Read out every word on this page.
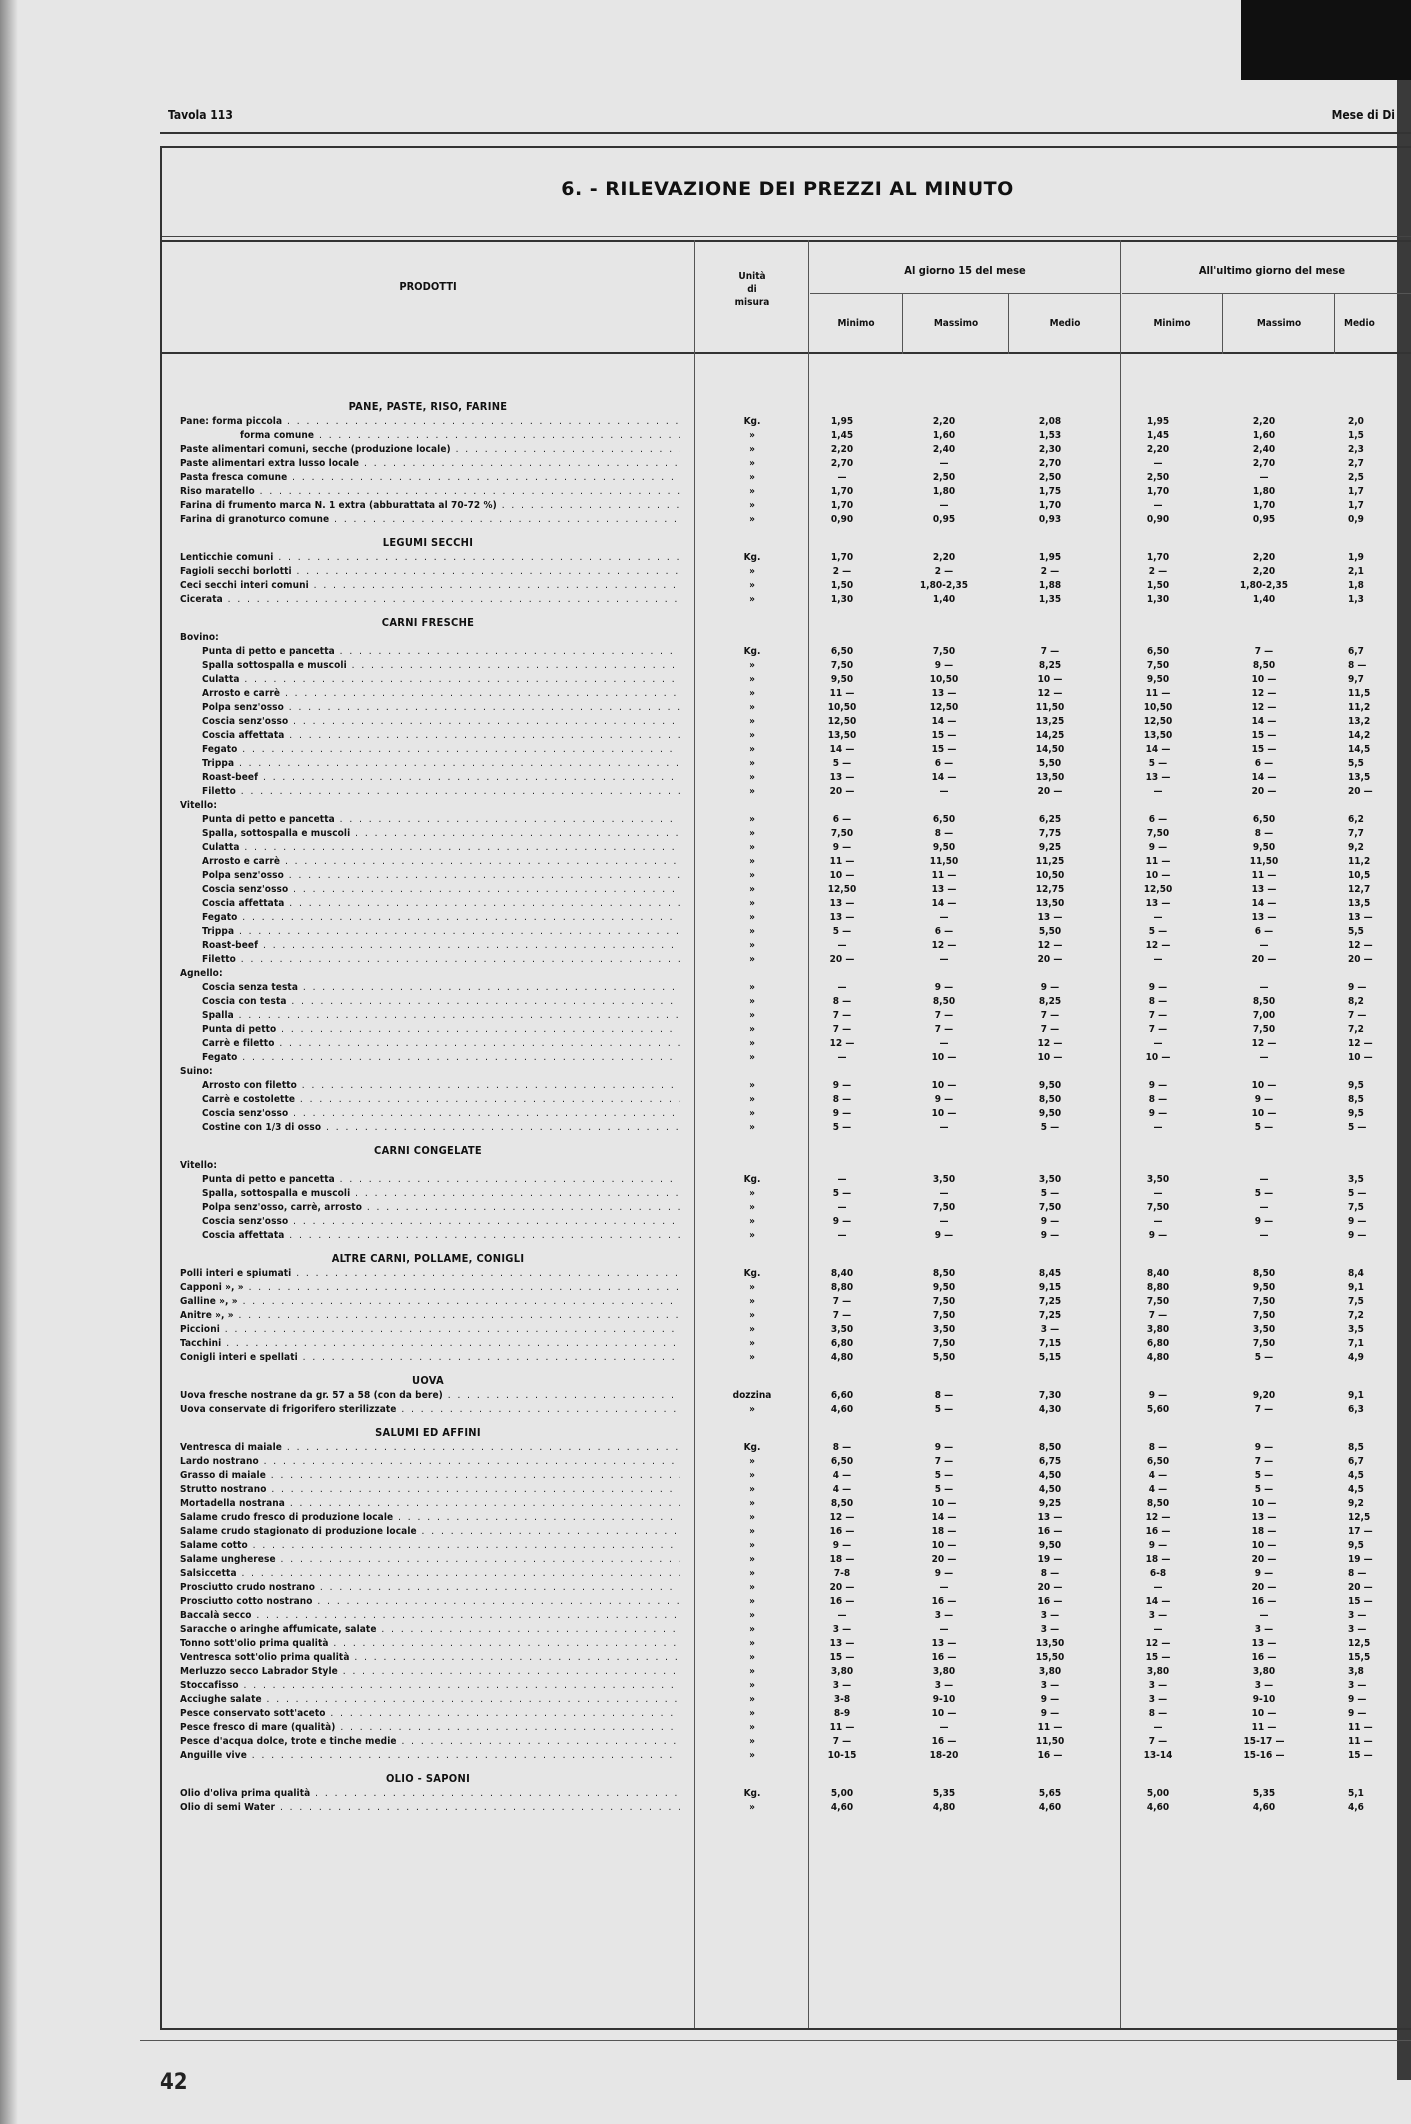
Tavola 113	Mese di Di
6. - RILEVAZIONE DEI PREZZI AL MINUTO
PRODOTTI
Unità
di
misura
Al giorno 15 del mese	All'ultimo giorno del mese
Minimo	Massimo	Medio	Minimo	Massimo	Medio
PANE, PASTE, RISO, FARINE
Pane: forma piccola . . .	Kg.	1,95	2,20	2,08	1,95	2,20	2,0
forma comune . . .	»	1,45	1,60	1,53	1,45	1,60	1,5
Paste alimentari comuni, secche (produzione locale) . . .	»	2,20	2,40	2,30	2,20	2,40	2,3
Paste alimentari extra lusso locale . . .	»	2,70	—	2,70	—	2,70	2,7
Pasta fresca comune . . .	»	—	2,50	2,50	2,50	—	2,5
Riso maratello . . .	»	1,70	1,80	1,75	1,70	1,80	1,7
Farina di frumento marca N. 1 extra (abburattata al 70-72 %) . . .	»	1,70	—	1,70	—	1,70	1,7
Farina di granoturco comune . . .	»	0,90	0,95	0,93	0,90	0,95	0,9
LEGUMI SECCHI
Lenticchie comuni . . .	Kg.	1,70	2,20	1,95	1,70	2,20	1,9
Fagioli secchi borlotti . . .	»	2 —	2 —	2 —	2 —	2,20	2,1
Ceci secchi interi comuni . . .	»	1,50	1,80-2,35	1,88	1,50	1,80-2,35	1,8
Cicerata . . .	»	1,30	1,40	1,35	1,30	1,40	1,3
CARNI FRESCHE
Bovino:
Punta di petto e pancetta . . .	Kg.	6,50	7,50	7 —	6,50	7 —	6,7
Spalla sottospalla e muscoli . . .	»	7,50	9 —	8,25	7,50	8,50	8 —
Culatta . . .	»	9,50	10,50	10 —	9,50	10 —	9,7
Arrosto e carrè . . .	»	11 —	13 —	12 —	11 —	12 —	11,5
Polpa senz'osso . . .	»	10,50	12,50	11,50	10,50	12 —	11,2
Coscia senz'osso . . .	»	12,50	14 —	13,25	12,50	14 —	13,2
Coscia affettata . . .	»	13,50	15 —	14,25	13,50	15 —	14,2
Fegato . . .	»	14 —	15 —	14,50	14 —	15 —	14,5
Trippa . . .	»	5 —	6 —	5,50	5 —	6 —	5,5
Roast-beef . . .	»	13 —	14 —	13,50	13 —	14 —	13,5
Filetto . . .	»	20 —	—	20 —	—	20 —	20 —
Vitello:
Punta di petto e pancetta . . .	»	6 —	6,50	6,25	6 —	6,50	6,2
Spalla, sottospalla e muscoli . . .	»	7,50	8 —	7,75	7,50	8 —	7,7
Culatta . . .	»	9 —	9,50	9,25	9 —	9,50	9,2
Arrosto e carrè . . .	»	11 —	11,50	11,25	11 —	11,50	11,2
Polpa senz'osso . . .	»	10 —	11 —	10,50	10 —	11 —	10,5
Coscia senz'osso . . .	»	12,50	13 —	12,75	12,50	13 —	12,7
Coscia affettata . . .	»	13 —	14 —	13,50	13 —	14 —	13,5
Fegato . . .	»	13 —	—	13 —	—	13 —	13 —
Trippa . . .	»	5 —	6 —	5,50	5 —	6 —	5,5
Roast-beef . . .	»	—	12 —	12 —	12 —	—	12 —
Filetto . . .	»	20 —	—	20 —	—	20 —	20 —
Agnello:
Coscia senza testa . . .	»	—	9 —	9 —	9 —	—	9 —
Coscia con testa . . .	»	8 —	8,50	8,25	8 —	8,50	8,2
Spalla . . .	»	7 —	7 —	7 —	7 —	7,00	7 —
Punta di petto . . .	»	7 —	7 —	7 —	7 —	7,50	7,2
Carrè e filetto . . .	»	12 —	—	12 —	—	12 —	12 —
Fegato . . .	»	—	10 —	10 —	10 —	—	10 —
Suino:
Arrosto con filetto . . .	»	9 —	10 —	9,50	9 —	10 —	9,5
Carrè e costolette . . .	»	8 —	9 —	8,50	8 —	9 —	8,5
Coscia senz'osso . . .	»	9 —	10 —	9,50	9 —	10 —	9,5
Costine con 1/3 di osso . . .	»	5 —	—	5 —	—	5 —	5 —
CARNI CONGELATE
Vitello:
Punta di petto e pancetta . . .	Kg.	—	3,50	3,50	3,50	—	3,5
Spalla, sottospalla e muscoli . . .	»	5 —	—	5 —	—	5 —	5 —
Polpa senz'osso, carrè, arrosto . . .	»	—	7,50	7,50	7,50	—	7,5
Coscia senz'osso . . .	»	9 —	—	9 —	—	9 —	9 —
Coscia affettata . . .	»	—	9 —	9 —	9 —	—	9 —
ALTRE CARNI, POLLAME, CONIGLI
Polli interi e spiumati . . .	Kg.	8,40	8,50	8,45	8,40	8,50	8,4
Capponi », » . . .	»	8,80	9,50	9,15	8,80	9,50	9,1
Galline », » . . .	»	7 —	7,50	7,25	7,50	7,50	7,5
Anitre », » . . .	»	7 —	7,50	7,25	7 —	7,50	7,2
Piccioni . . .	»	3,50	3,50	3 —	3,80	3,50	3,5
Tacchini . . .	»	6,80	7,50	7,15	6,80	7,50	7,1
Conigli interi e spellati . . .	»	4,80	5,50	5,15	4,80	5 —	4,9
UOVA
Uova fresche nostrane da gr. 57 a 58 (con da bere) . . .	dozzina	6,60	8 —	7,30	9 —	9,20	9,1
Uova conservate di frigorifero sterilizzate . . .	»	4,60	5 —	4,30	5,60	7 —	6,3
SALUMI ED AFFINI
Ventresca di maiale . . .	Kg.	8 —	9 —	8,50	8 —	9 —	8,5
Lardo nostrano . . .	»	6,50	7 —	6,75	6,50	7 —	6,7
Grasso di maiale . . .	»	4 —	5 —	4,50	4 —	5 —	4,5
Strutto nostrano . . .	»	4 —	5 —	4,50	4 —	5 —	4,5
Mortadella nostrana . . .	»	8,50	10 —	9,25	8,50	10 —	9,2
Salame crudo fresco di produzione locale . . .	»	12 —	14 —	13 —	12 —	13 —	12,5
Salame crudo stagionato di produzione locale . . .	»	16 —	18 —	16 —	16 —	18 —	17 —
Salame cotto . . .	»	9 —	10 —	9,50	9 —	10 —	9,5
Salame ungherese . . .	»	18 —	20 —	19 —	18 —	20 —	19 —
Salsiccetta . . .	»	7-8	9 —	8 —	6-8	9 —	8 —
Prosciutto crudo nostrano . . .	»	20 —	—	20 —	—	20 —	20 —
Prosciutto cotto nostrano . . .	»	16 —	16 —	16 —	14 —	16 —	15 —
Baccalà secco . . .	»	—	3 —	3 —	3 —	—	3 —
Saracche o aringhe affumicate, salate . . .	»	3 —	—	3 —	—	3 —	3 —
Tonno sott'olio prima qualità . . .	»	13 —	13 —	13,50	12 —	13 —	12,5
Ventresca sott'olio prima qualità . . .	»	15 —	16 —	15,50	15 —	16 —	15,5
Merluzzo secco Labrador Style . . .	»	3,80	3,80	3,80	3,80	3,80	3,8
Stoccafisso . . .	»	3 —	3 —	3 —	3 —	3 —	3 —
Acciughe salate . . .	»	3-8	9-10	9 —	3 —	9-10	9 —
Pesce conservato sott'aceto . . .	»	8-9	10 —	9 —	8 —	10 —	9 —
Pesce fresco di mare (qualità) . . .	»	11 —	—	11 —	—	11 —	11 —
Pesce d'acqua dolce, trote e tinche medie . . .	»	7 —	16 —	11,50	7 —	15-17 —	11 —
Anguille vive . . .	»	10-15	18-20	16 —	13-14	15-16 —	15 —
OLIO - SAPONI
Olio d'oliva prima qualità . . .	Kg.	5,00	5,35	5,65	5,00	5,35	5,1
Olio di semi Water . . .	»	4,60	4,80	4,60	4,60	4,60	4,6
42
